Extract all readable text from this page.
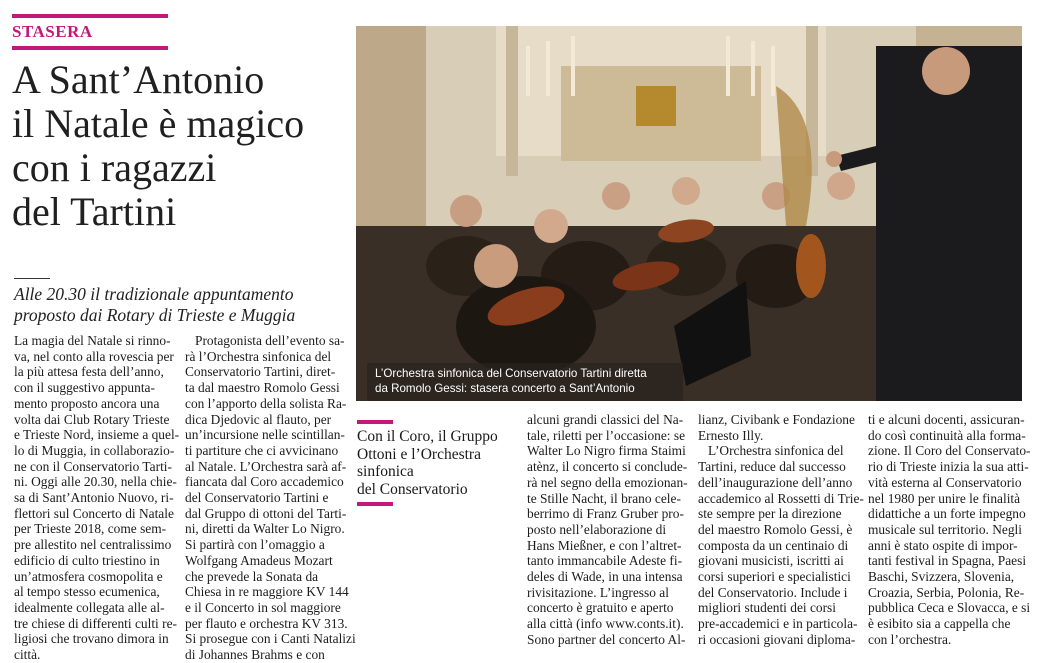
STASERA
A Sant’Antonio
il Natale è magico
con i ragazzi
del Tartini
Alle 20.30 il tradizionale appuntamento
proposto dai Rotary di Trieste e Muggia
L’Orchestra sinfonica del Conservatorio Tartini diretta
da Romolo Gessi: stasera concerto a Sant’Antonio
Con il Coro, il Gruppo
Ottoni e l’Orchestra
sinfonica
del Conservatorio
La magia del Natale si rinno-
va, nel conto alla rovescia per
la più attesa festa dell’anno,
con il suggestivo appunta-
mento proposto ancora una
volta dai Club Rotary Trieste
e Trieste Nord, insieme a quel-
lo di Muggia, in collaborazio-
ne con il Conservatorio Tarti-
ni. Oggi alle 20.30, nella chie-
sa di Sant’Antonio Nuovo, ri-
flettori sul Concerto di Natale
per Trieste 2018, come sem-
pre allestito nel centralissimo
edificio di culto triestino in
un’atmosfera cosmopolita e
al tempo stesso ecumenica,
idealmente collegata alle al-
tre chiese di differenti culti re-
ligiosi che trovano dimora in
città.
Protagonista dell’evento sa-
rà l’Orchestra sinfonica del
Conservatorio Tartini, diret-
ta dal maestro Romolo Gessi
con l’apporto della solista Ra-
dica Djedovic al flauto, per
un’incursione nelle scintillan-
ti partiture che ci avvicinano
al Natale. L’Orchestra sarà af-
fiancata dal Coro accademico
del Conservatorio Tartini e
dal Gruppo di ottoni del Tarti-
ni, diretti da Walter Lo Nigro.
Si partirà con l’omaggio a
Wolfgang Amadeus Mozart
che prevede la Sonata da
Chiesa in re maggiore KV 144
e il Concerto in sol maggiore
per flauto e orchestra KV 313.
Si prosegue con i Canti Natalizi
di Johannes Brahms e con
alcuni grandi classici del Na-
tale, riletti per l’occasione: se
Walter Lo Nigro firma Staimi
atènz, il concerto si conclude-
rà nel segno della emozionan-
te Stille Nacht, il brano cele-
berrimo di Franz Gruber pro-
posto nell’elaborazione di
Hans Mießner, e con l’altret-
tanto immancabile Adeste fi-
deles di Wade, in una intensa
rivisitazione. L’ingresso al
concerto è gratuito e aperto
alla città (info www.conts.it).
Sono partner del concerto Al-
lianz, Civibank e Fondazione
Ernesto Illy.
L’Orchestra sinfonica del
Tartini, reduce dal successo
dell’inaugurazione dell’anno
accademico al Rossetti di Trie-
ste sempre per la direzione
del maestro Romolo Gessi, è
composta da un centinaio di
giovani musicisti, iscritti ai
corsi superiori e specialistici
del Conservatorio. Include i
migliori studenti dei corsi
pre-accademici e in particola-
ri occasioni giovani diploma-
ti e alcuni docenti, assicuran-
do così continuità alla forma-
zione. Il Coro del Conservato-
rio di Trieste inizia la sua atti-
vità esterna al Conservatorio
nel 1980 per unire le finalità
didattiche a un forte impegno
musicale sul territorio. Negli
anni è stato ospite di impor-
tanti festival in Spagna, Paesi
Baschi, Svizzera, Slovenia,
Croazia, Serbia, Polonia, Re-
pubblica Ceca e Slovacca, e si
è esibito sia a cappella che
con l’orchestra.
